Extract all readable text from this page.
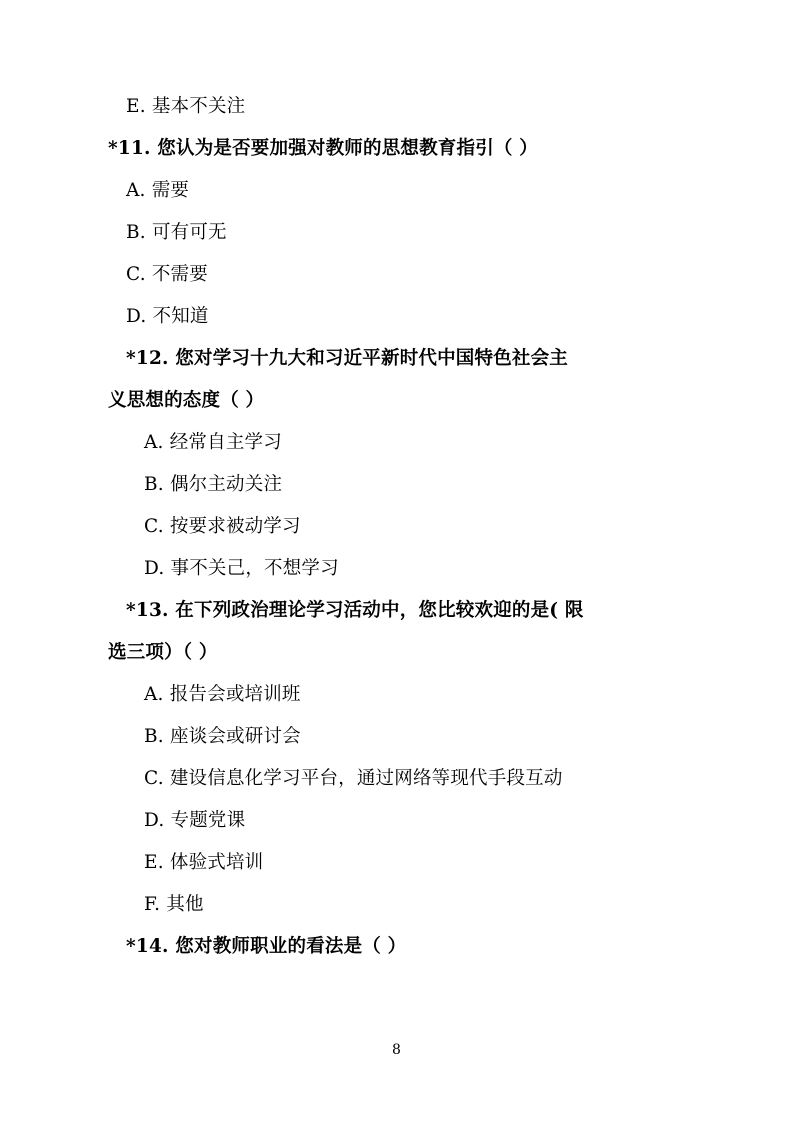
E. 基本不关注
*11. 您认为是否要加强对教师的思想教育指引（ ）
A. 需要
B. 可有可无
C. 不需要
D. 不知道
*12. 您对学习十九大和习近平新时代中国特色社会主
义思想的态度（ ）
A. 经常自主学习
B. 偶尔主动关注
C. 按要求被动学习
D. 事不关己，不想学习
*13. 在下列政治理论学习活动中，您比较欢迎的是( 限
选三项）（ ）
A. 报告会或培训班
B. 座谈会或研讨会
C. 建设信息化学习平台，通过网络等现代手段互动
D. 专题党课
E. 体验式培训
F. 其他
*14. 您对教师职业的看法是（ ）
8
